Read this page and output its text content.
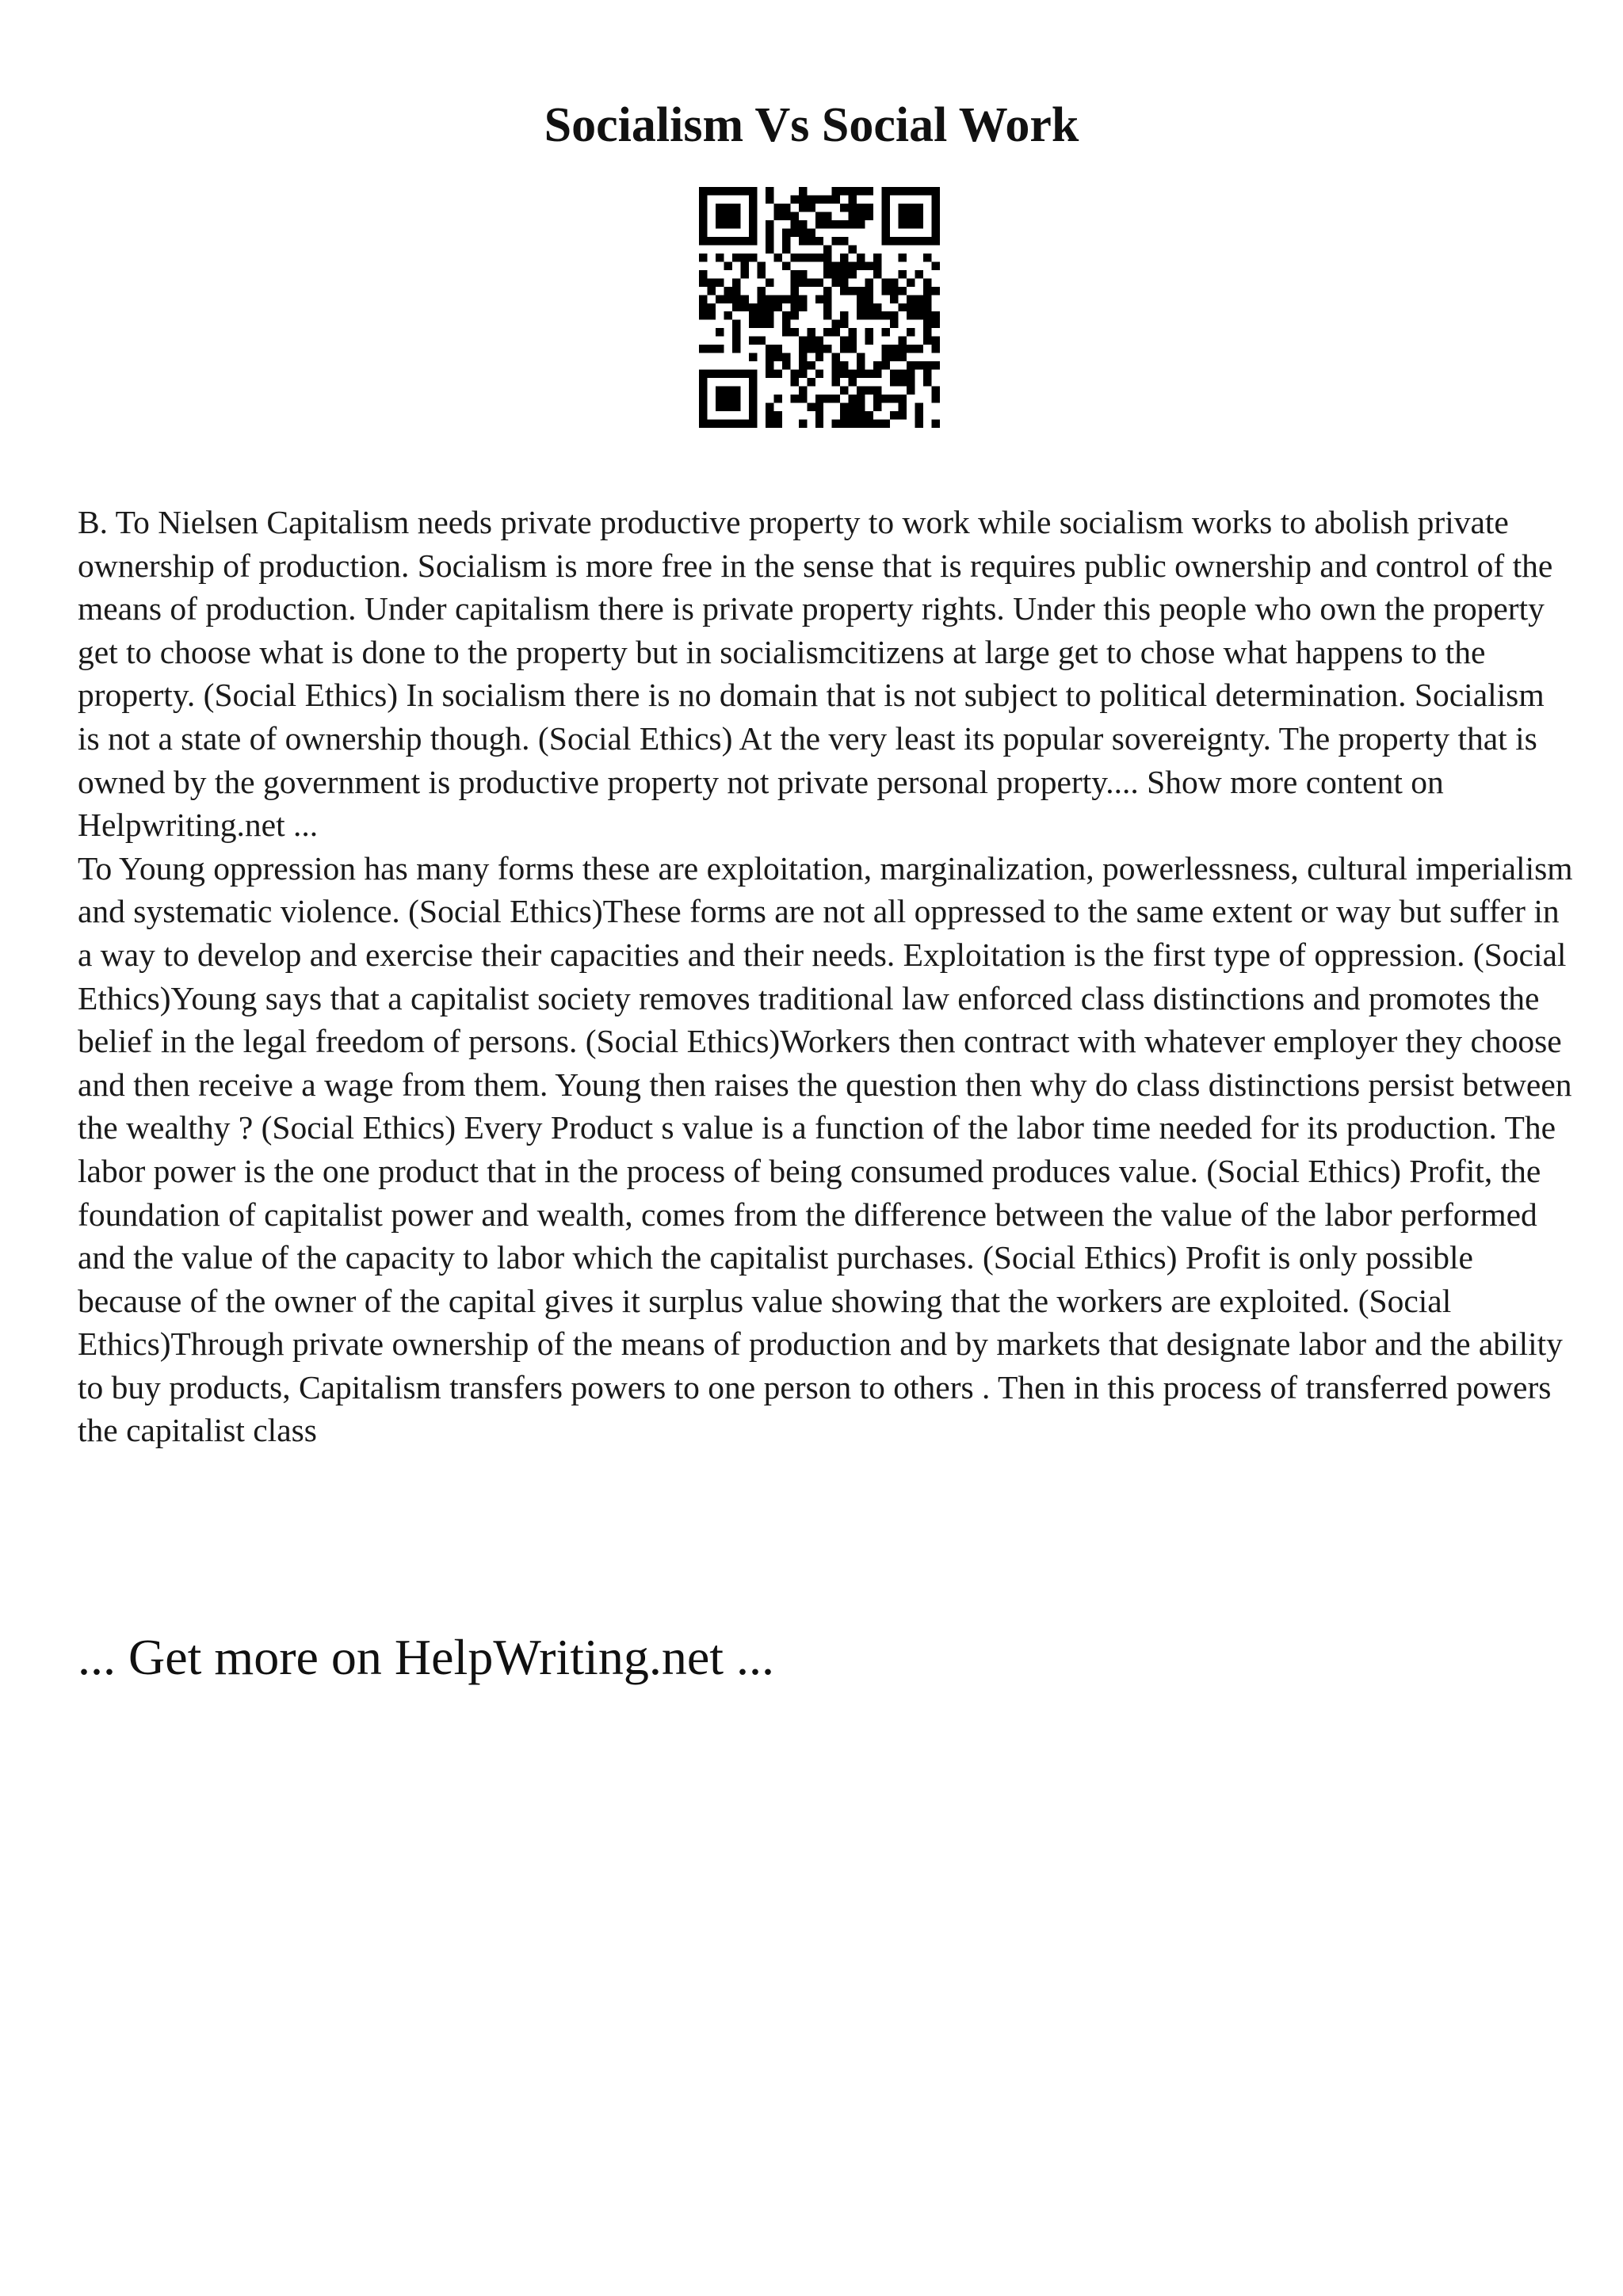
Socialism Vs Social Work

B. To Nielsen Capitalism needs private productive property to work while socialism works to abolish private ownership of production. Socialism is more free in the sense that is requires public ownership and control of the means of production. Under capitalism there is private property rights. Under this people who own the property get to choose what is done to the property but in socialismcitizens at large get to chose what happens to the property. (Social Ethics) In socialism there is no domain that is not subject to political determination. Socialism is not a state of ownership though. (Social Ethics) At the very least its popular sovereignty. The property that is owned by the government is productive property not private personal property.... Show more content on Helpwriting.net ...

To Young oppression has many forms these are exploitation, marginalization, powerlessness, cultural imperialism and systematic violence. (Social Ethics)These forms are not all oppressed to the same extent or way but suffer in a way to develop and exercise their capacities and their needs. Exploitation is the first type of oppression. (Social Ethics)Young says that a capitalist society removes traditional law enforced class distinctions and promotes the belief in the legal freedom of persons. (Social Ethics)Workers then contract with whatever employer they choose and then receive a wage from them. Young then raises the question then why do class distinctions persist between the wealthy ? (Social Ethics) Every Product s value is a function of the labor time needed for its production. The labor power is the one product that in the process of being consumed produces value. (Social Ethics) Profit, the foundation of capitalist power and wealth, comes from the difference between the value of the labor performed and the value of the capacity to labor which the capitalist purchases. (Social Ethics) Profit is only possible because of the owner of the capital gives it surplus value showing that the workers are exploited. (Social Ethics)Through private ownership of the means of production and by markets that designate labor and the ability to buy products, Capitalism transfers powers to one person to others . Then in this process of transferred powers the capitalist class

... Get more on HelpWriting.net ...
